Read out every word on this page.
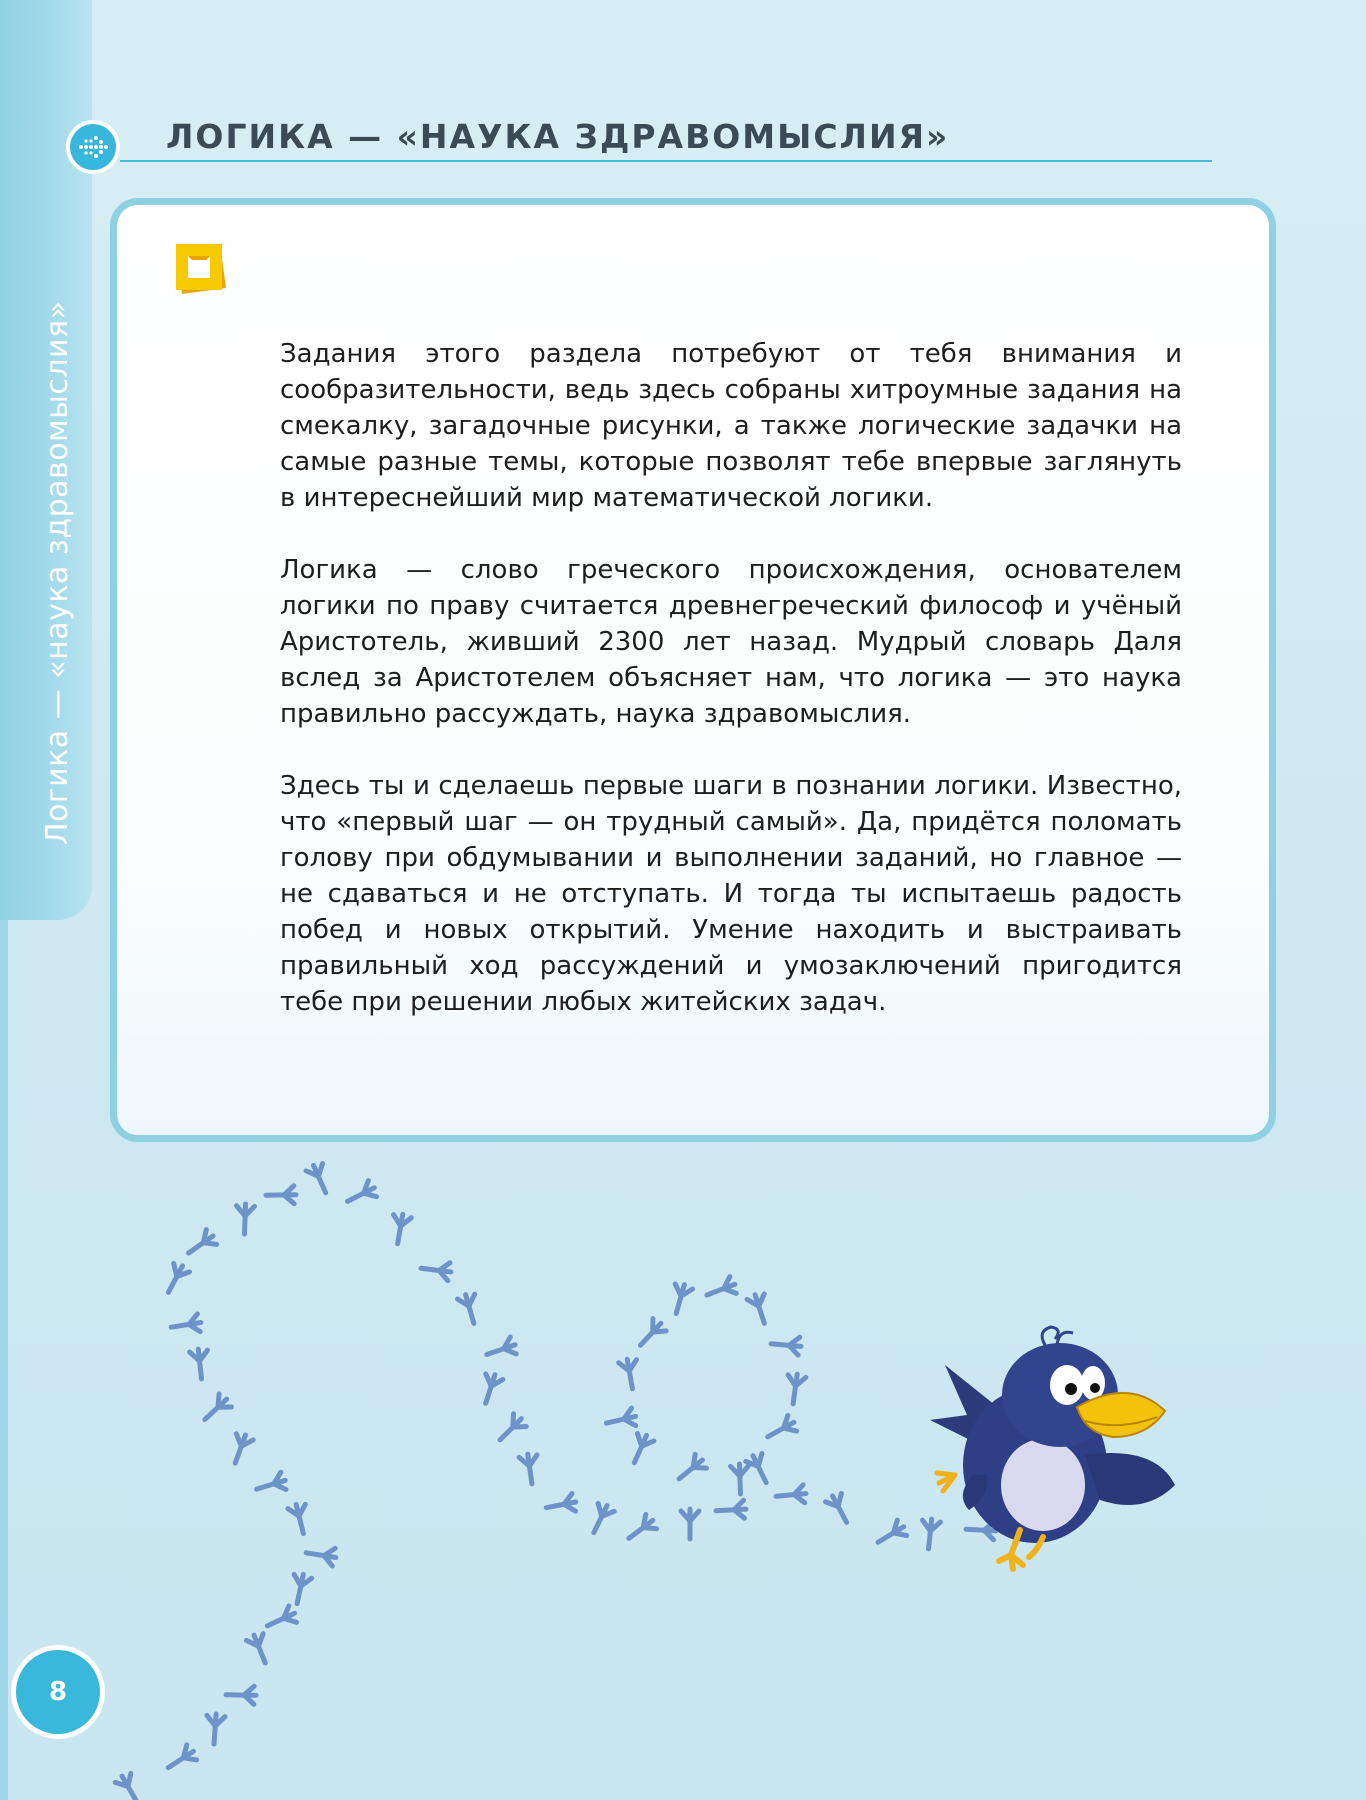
Логика — «наука здравомыслия»
ЛОГИКА — «НАУКА ЗДРАВОМЫСЛИЯ»

Задания этого раздела потребуют от тебя внимания и сообразительности, ведь здесь собраны хитроумные задания на смекалку, загадочные рисунки, а также логические задачки на самые разные темы, которые позволят тебе впервые заглянуть в интереснейший мир математической логики.

Логика — слово греческого происхождения, основателем логики по праву считается древнегреческий философ и учёный Аристотель, живший 2300 лет назад. Мудрый словарь Даля вслед за Аристотелем объясняет нам, что логика — это наука правильно рассуждать, наука здравомыслия.

Здесь ты и сделаешь первые шаги в познании логики. Известно, что «первый шаг — он трудный самый». Да, придётся поломать голову при обдумывании и выполнении заданий, но главное — не сдаваться и не отступать. И тогда ты испытаешь радость побед и новых открытий. Умение находить и выстраивать правильный ход рассуждений и умозаключений пригодится тебе при решении любых житейских задач.

8
